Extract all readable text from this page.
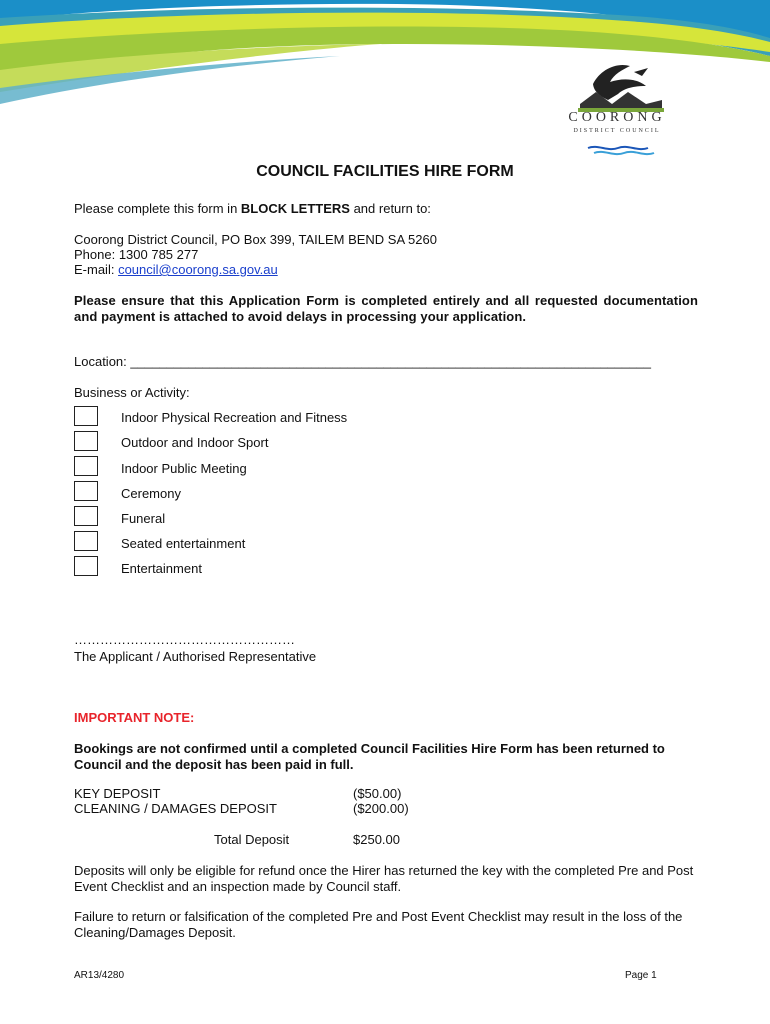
COORONG
DISTRICT COUNCIL
COUNCIL FACILITIES HIRE FORM
Please complete this form in BLOCK LETTERS and return to:
Coorong District Council, PO Box 399, TAILEM BEND SA 5260
Phone: 1300 785 277
E-mail: council@coorong.sa.gov.au
Please ensure that this Application Form is completed entirely and all requested documentation and payment is attached to avoid delays in processing your application.
Location: ________________________________________________________________________
Business or Activity:
Indoor Physical Recreation and Fitness
Outdoor and Indoor Sport
Indoor Public Meeting
Ceremony
Funeral
Seated entertainment
Entertainment
……………………………………………
The Applicant / Authorised Representative
IMPORTANT NOTE:
Bookings are not confirmed until a completed Council Facilities Hire Form has been returned to Council and the deposit has been paid in full.
KEY DEPOSIT	($50.00)
CLEANING / DAMAGES DEPOSIT	($200.00)
Total Deposit	$250.00
Deposits will only be eligible for refund once the Hirer has returned the key with the completed Pre and Post Event Checklist and an inspection made by Council staff.
Failure to return or falsification of the completed Pre and Post Event Checklist may result in the loss of the Cleaning/Damages Deposit.
AR13/4280	Page 1
